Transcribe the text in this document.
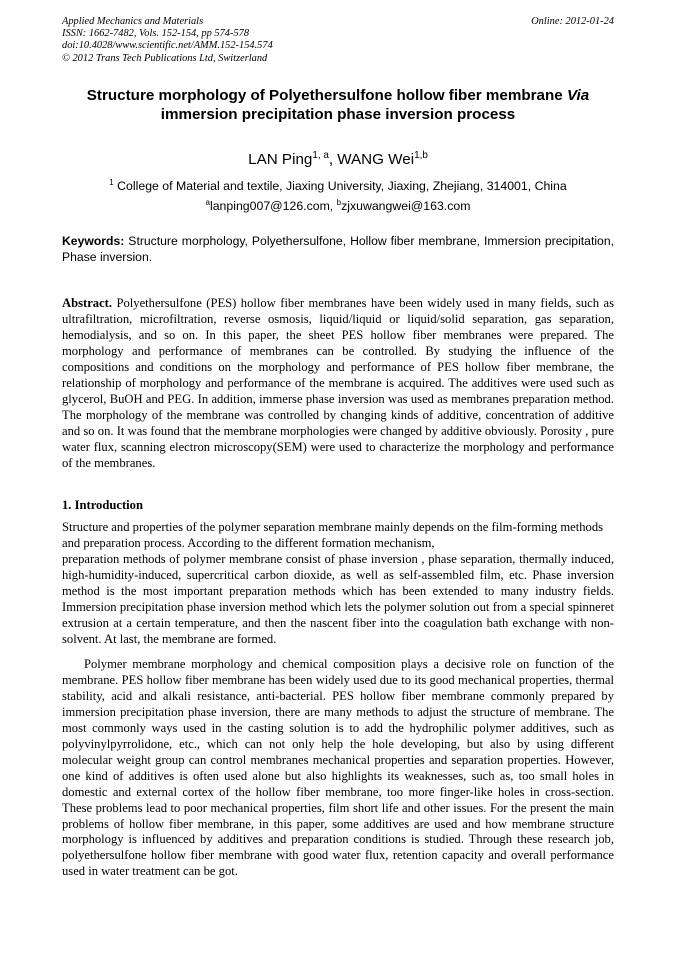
Applied Mechanics and Materials	Online: 2012-01-24
ISSN: 1662-7482, Vols. 152-154, pp 574-578
doi:10.4028/www.scientific.net/AMM.152-154.574
© 2012 Trans Tech Publications Ltd, Switzerland
Structure morphology of Polyethersulfone hollow fiber membrane Via immersion precipitation phase inversion process
LAN Ping$^{1, a}$, WANG Wei$^{1,b}$
$^1$ College of Material and textile, Jiaxing University, Jiaxing, Zhejiang, 314001, China
$^a$lanping007@126.com, $^b$zjxuwangwei@163.com
Keywords: Structure morphology, Polyethersulfone, Hollow fiber membrane, Immersion precipitation, Phase inversion.

Abstract. Polyethersulfone (PES) hollow fiber membranes have been widely used in many fields, such as ultrafiltration, microfiltration, reverse osmosis, liquid/liquid or liquid/solid separation, gas separation, hemodialysis, and so on. In this paper, the sheet PES hollow fiber membranes were prepared. The morphology and performance of membranes can be controlled. By studying the influence of the compositions and conditions on the morphology and performance of PES hollow fiber membrane, the relationship of morphology and performance of the membrane is acquired. The additives were used such as glycerol, BuOH and PEG. In addition, immerse phase inversion was used as membranes preparation method. The morphology of the membrane was controlled by changing kinds of additive, concentration of additive and so on. It was found that the membrane morphologies were changed by additive obviously. Porosity , pure water flux, scanning electron microscopy(SEM) were used to characterize the morphology and performance of the membranes.

1. Introduction

Structure and properties of the polymer separation membrane mainly depends on the film-forming methods and preparation process. According to the different formation mechanism,

preparation methods of polymer membrane consist of phase inversion , phase separation, thermally induced, high-humidity-induced, supercritical carbon dioxide, as well as self-assembled film, etc. Phase inversion method is the most important preparation methods which has been extended to many industry fields. Immersion precipitation phase inversion method which lets the polymer solution out from a special spinneret extrusion at a certain temperature, and then the nascent fiber into the coagulation bath exchange with non-solvent. At last, the membrane are formed.

Polymer membrane morphology and chemical composition plays a decisive role on function of the membrane. PES hollow fiber membrane has been widely used due to its good mechanical properties, thermal stability, acid and alkali resistance, anti-bacterial. PES hollow fiber membrane commonly prepared by immersion precipitation phase inversion, there are many methods to adjust the structure of membrane. The most commonly ways used in the casting solution is to add the hydrophilic polymer additives, such as polyvinylpyrrolidone, etc., which can not only help the hole developing, but also by using different molecular weight group can control membranes mechanical properties and separation properties. However, one kind of additives is often used alone but also highlights its weaknesses, such as, too small holes in domestic and external cortex of the hollow fiber membrane, too more finger-like holes in cross-section. These problems lead to poor mechanical properties, film short life and other issues. For the present the main problems of hollow fiber membrane, in this paper, some additives are used and how membrane structure morphology is influenced by additives and preparation conditions is studied. Through these research job, polyethersulfone hollow fiber membrane with good water flux, retention capacity and overall performance used in water treatment can be got.
